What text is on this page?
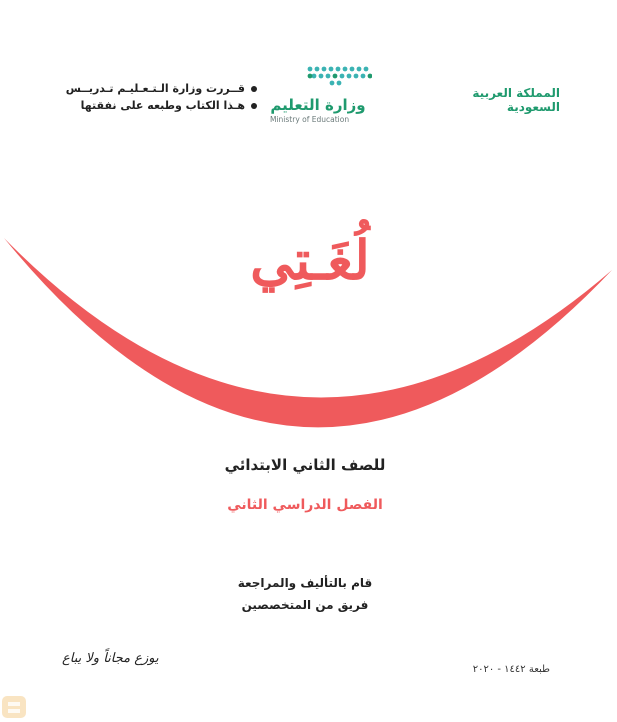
المملكة العربية السعودية
وزارة التعليم
Ministry of Education
قــررت وزارة الـتـعـليـم تـدريــس
هـذا الكتاب وطبعه على نفقتها
لُغَـتِي
للصف الثاني الابتدائي
الفصل الدراسي الثاني
قام بالتأليف والمراجعة
فريق من المتخصصين
طبعة ١٤٤٢ - ٢٠٢٠
يوزع مجاناً ولا يباع
